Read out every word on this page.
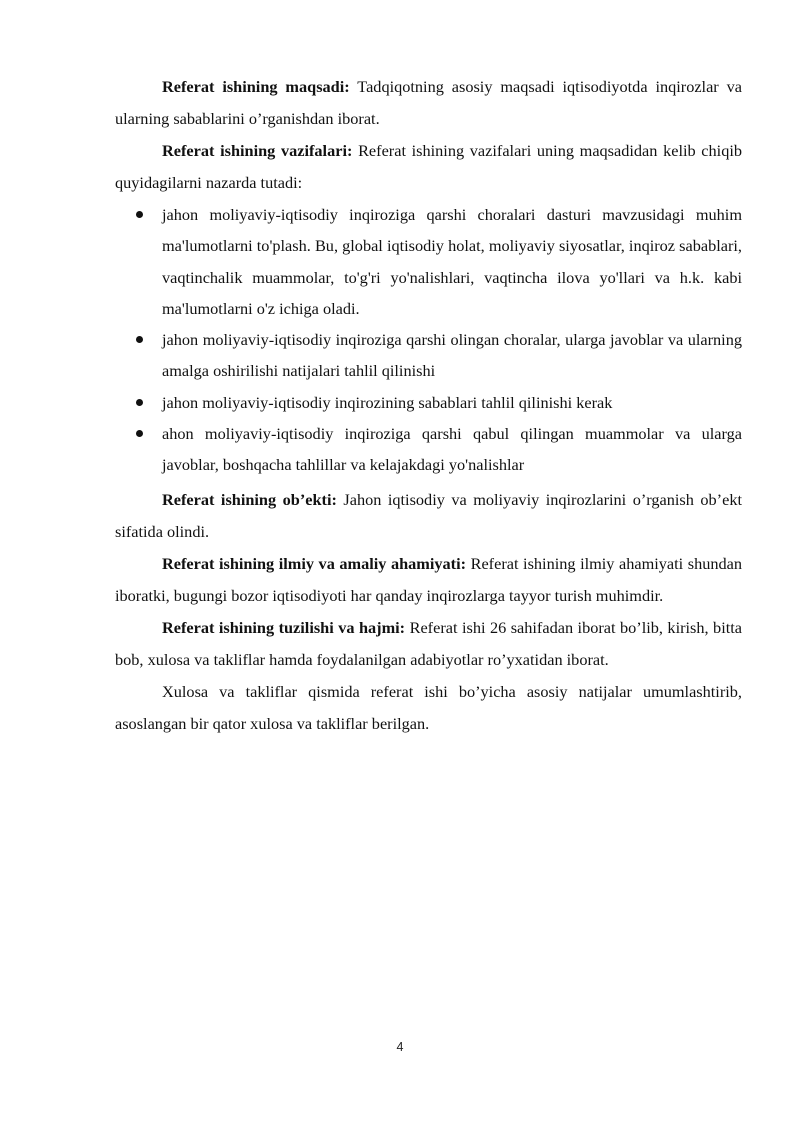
Referat ishining maqsadi: Tadqiqotning asosiy maqsadi iqtisodiyotda inqirozlar va ularning sabablarini o’rganishdan iborat.

Referat ishining vazifalari: Referat ishining vazifalari uning maqsadidan kelib chiqib quyidagilarni nazarda tutadi:

jahon moliyaviy-iqtisodiy inqiroziga qarshi choralari dasturi mavzusidagi muhim ma'lumotlarni to'plash. Bu, global iqtisodiy holat, moliyaviy siyosatlar, inqiroz sabablari, vaqtinchalik muammolar, to'g'ri yo'nalishlari, vaqtincha ilova yo'llari va h.k. kabi ma'lumotlarni o'z ichiga oladi.
jahon moliyaviy-iqtisodiy inqiroziga qarshi olingan choralar, ularga javoblar va ularning amalga oshirilishi natijalari tahlil qilinishi
jahon moliyaviy-iqtisodiy inqirozining sabablari tahlil qilinishi kerak
ahon moliyaviy-iqtisodiy inqiroziga qarshi qabul qilingan muammolar va ularga javoblar, boshqacha tahlillar va kelajakdagi yo'nalishlar

Referat ishining ob’ekti: Jahon iqtisodiy va moliyaviy inqirozlarini o’rganish ob’ekt sifatida olindi.

Referat ishining ilmiy va amaliy ahamiyati: Referat ishining ilmiy ahamiyati shundan iboratki, bugungi bozor iqtisodiyoti har qanday inqirozlarga tayyor turish muhimdir.

Referat ishining tuzilishi va hajmi: Referat ishi 26 sahifadan iborat bo’lib, kirish, bitta bob, xulosa va takliflar hamda foydalanilgan adabiyotlar ro’yxatidan iborat.

Xulosa va takliflar qismida referat ishi bo’yicha asosiy natijalar umumlashtirib, asoslangan bir qator xulosa va takliflar berilgan.

4
